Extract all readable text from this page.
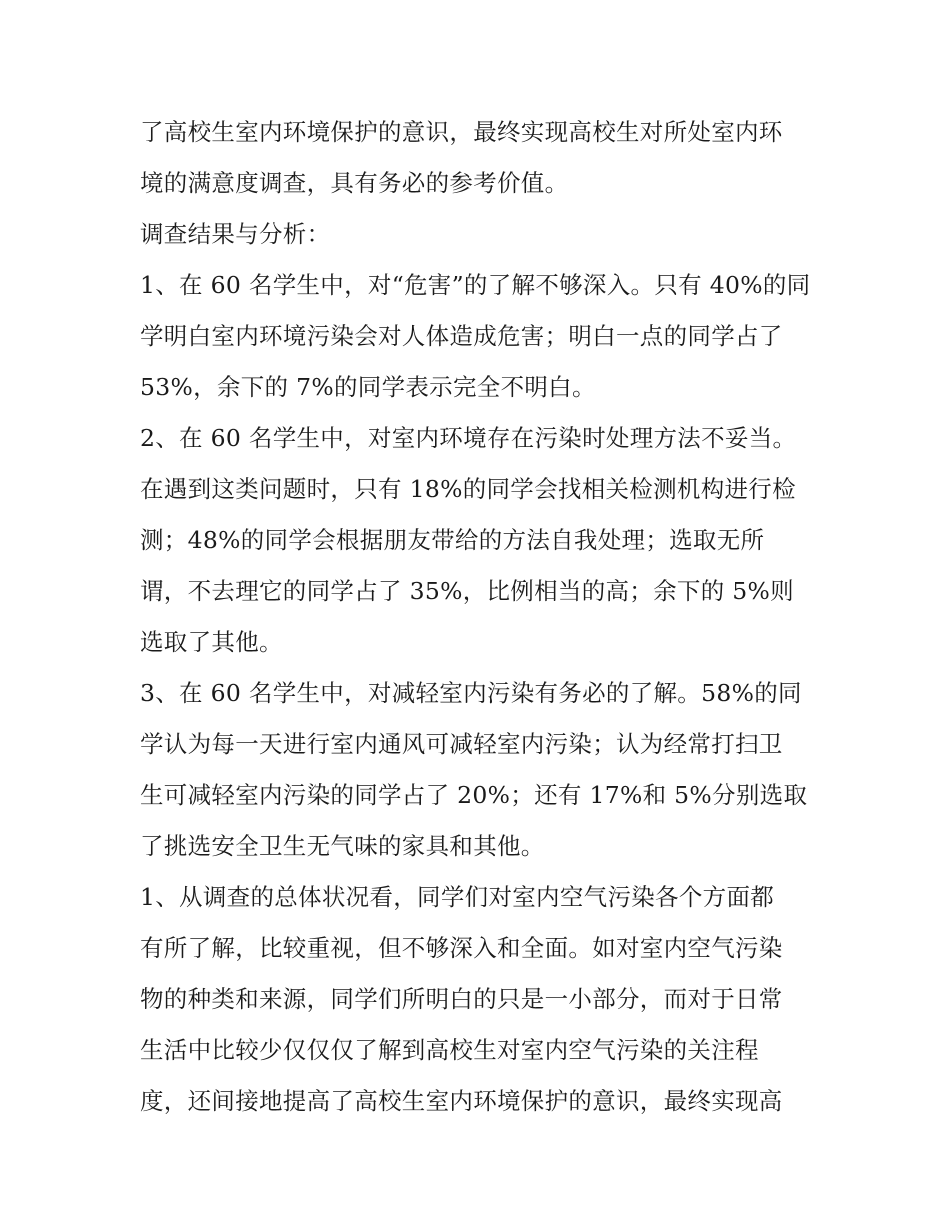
了高校生室内环境保护的意识，最终实现高校生对所处室内环
境的满意度调查，具有务必的参考价值。
调查结果与分析：
1、在 60 名学生中，对“危害”的了解不够深入。只有 40%的同
学明白室内环境污染会对人体造成危害；明白一点的同学占了
53%，余下的 7%的同学表示完全不明白。
2、在 60 名学生中，对室内环境存在污染时处理方法不妥当。
在遇到这类问题时，只有 18%的同学会找相关检测机构进行检
测；48%的同学会根据朋友带给的方法自我处理；选取无所
谓，不去理它的同学占了 35%，比例相当的高；余下的 5%则
选取了其他。
3、在 60 名学生中，对减轻室内污染有务必的了解。58%的同
学认为每一天进行室内通风可减轻室内污染；认为经常打扫卫
生可减轻室内污染的同学占了 20%；还有 17%和 5%分别选取
了挑选安全卫生无气味的家具和其他。
1、从调查的总体状况看，同学们对室内空气污染各个方面都
有所了解，比较重视，但不够深入和全面。如对室内空气污染
物的种类和来源，同学们所明白的只是一小部分，而对于日常
生活中比较少仅仅仅了解到高校生对室内空气污染的关注程
度，还间接地提高了高校生室内环境保护的意识，最终实现高
